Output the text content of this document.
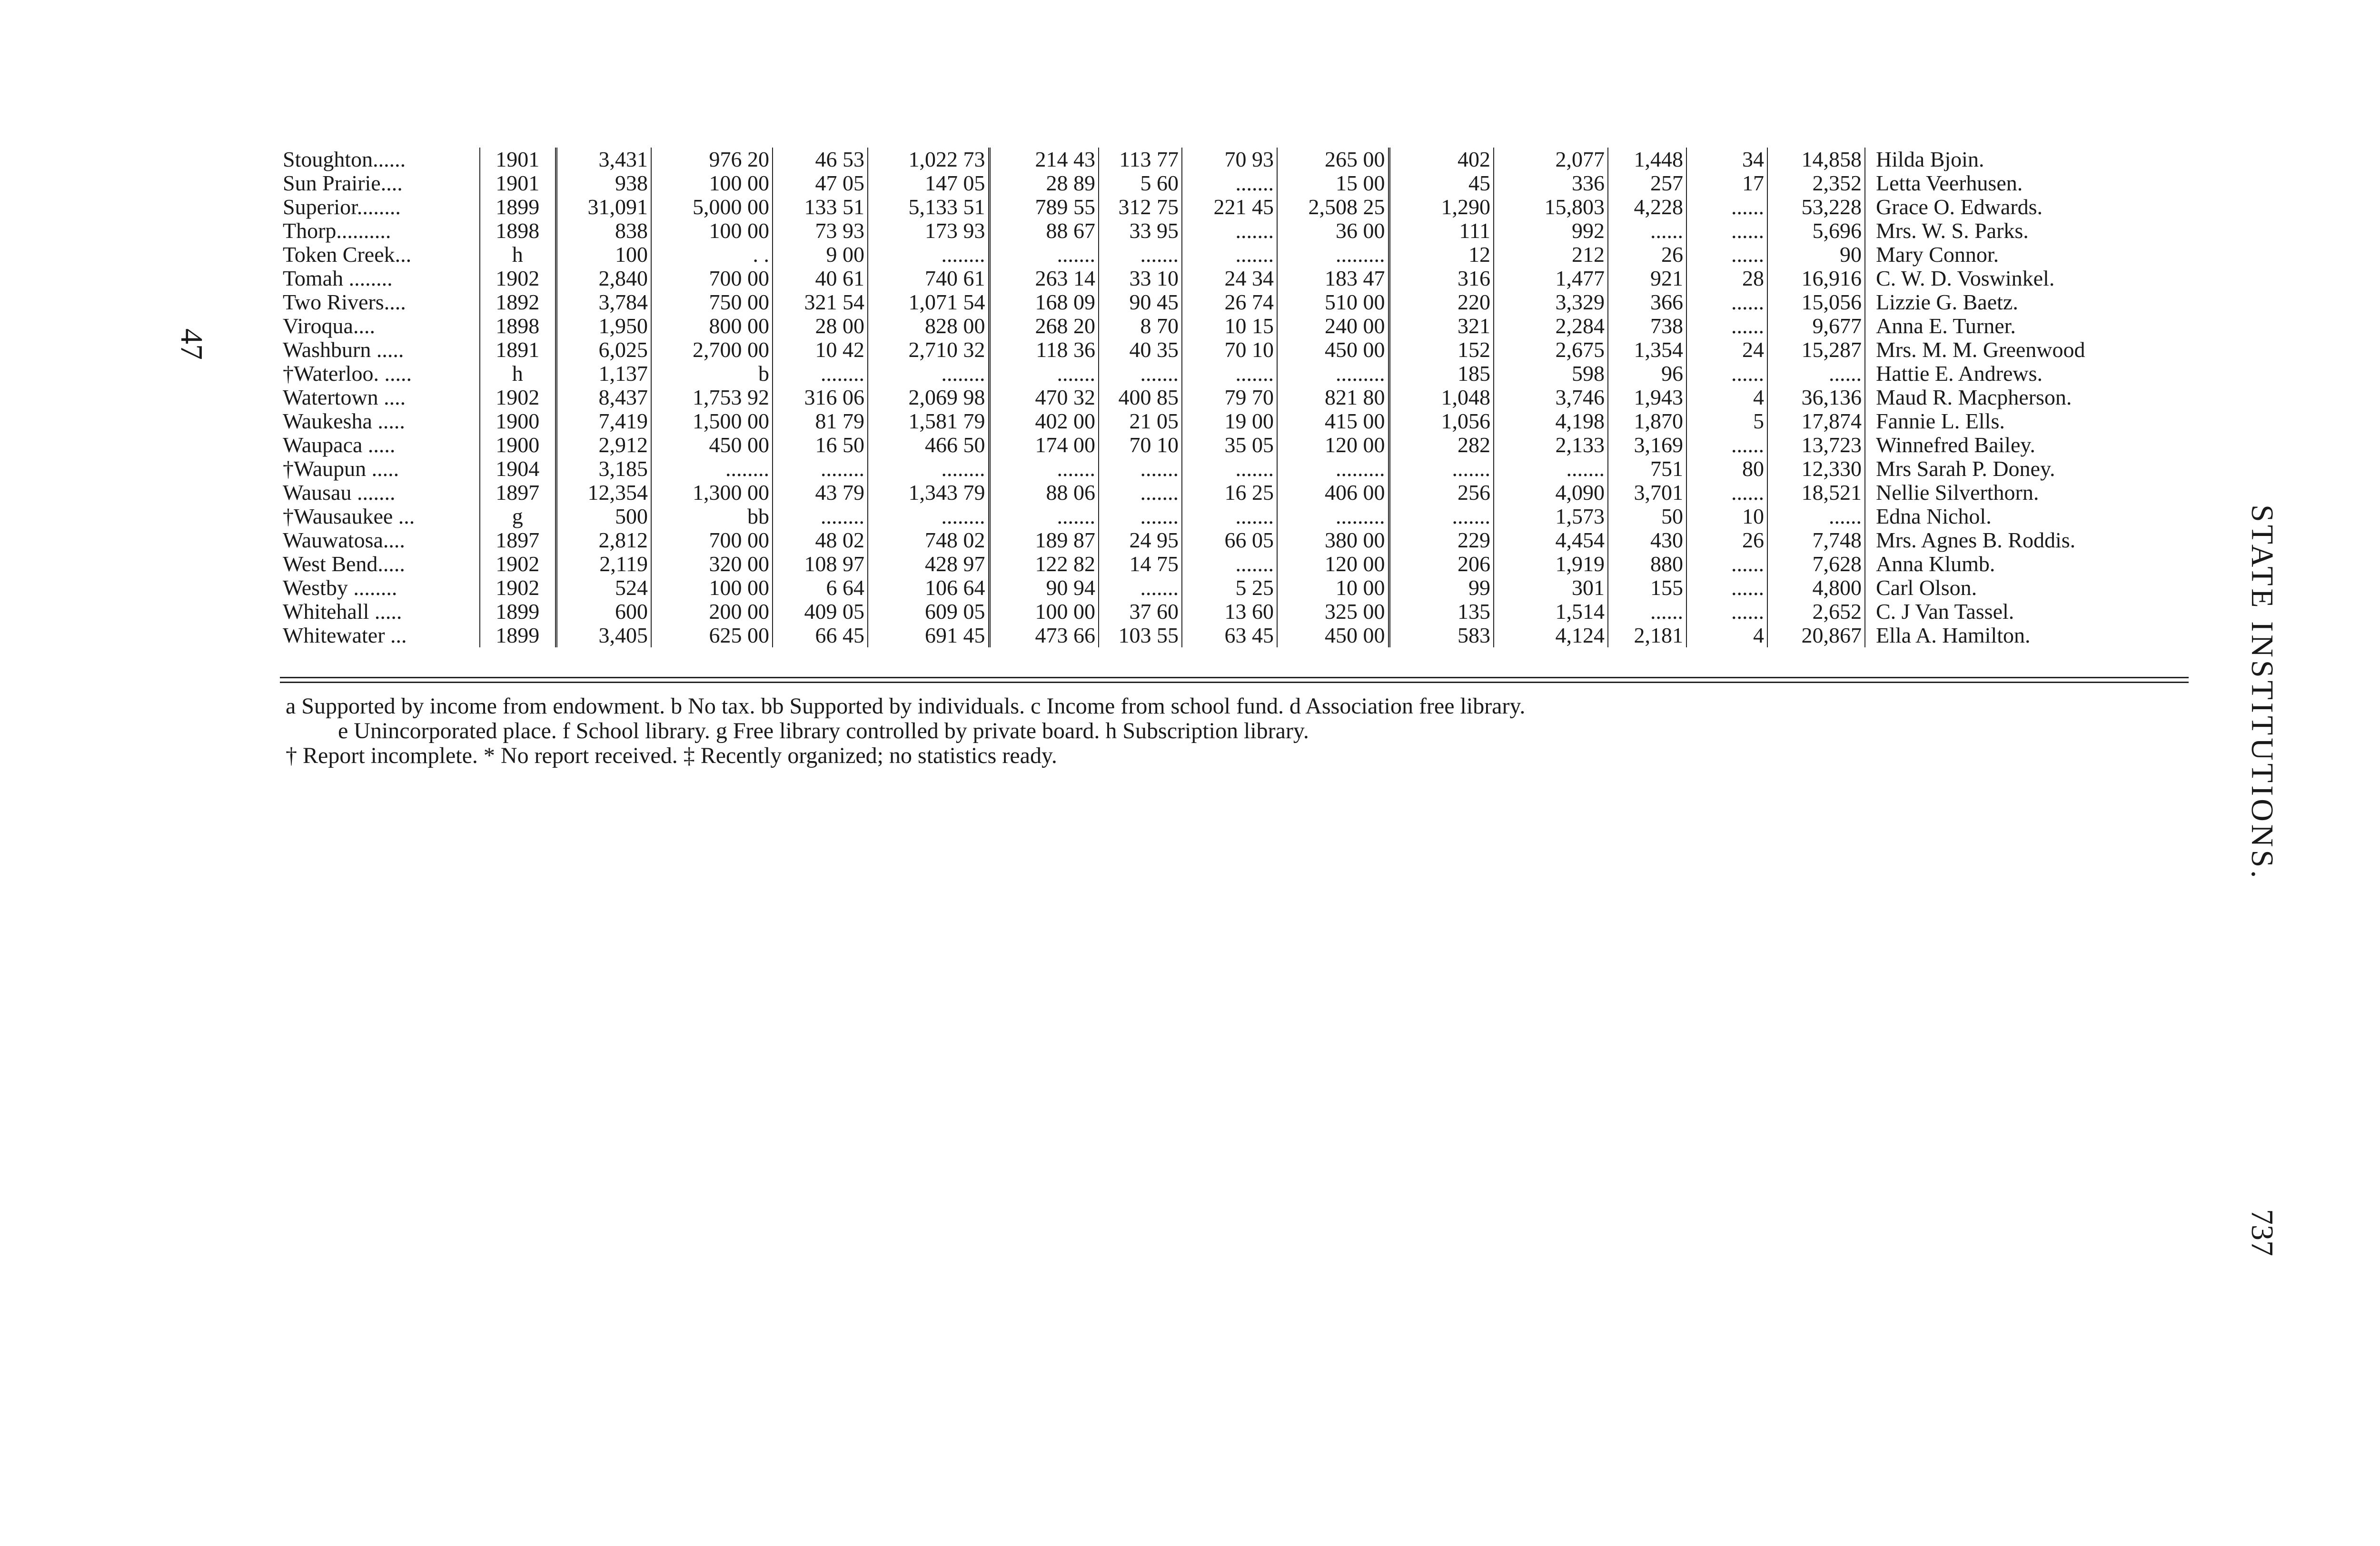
47
STATE INSTITUTIONS.
737
Stoughton......	1901	3,431	976 20	46 53	1,022 73	214 43	113 77	70 93	265 00	402	2,077	1,448	34	14,858	Hilda Bjoin.
Sun Prairie....	1901	938	100 00	47 05	147 05	28 89	5 60	.......	15 00	45	336	257	17	2,352	Letta Veerhusen.
Superior........	1899	31,091	5,000 00	133 51	5,133 51	789 55	312 75	221 45	2,508 25	1,290	15,803	4,228	......	53,228	Grace O. Edwards.
Thorp..........	1898	838	100 00	73 93	173 93	88 67	33 95	.......	36 00	111	992	......	......	5,696	Mrs. W. S. Parks.
Token Creek...	h	100	. .	9 00	........	.......	.......	.......	.........	12	212	26	......	90	Mary Connor.
Tomah ........	1902	2,840	700 00	40 61	740 61	263 14	33 10	24 34	183 47	316	1,477	921	28	16,916	C. W. D. Voswinkel.
Two Rivers....	1892	3,784	750 00	321 54	1,071 54	168 09	90 45	26 74	510 00	220	3,329	366	......	15,056	Lizzie G. Baetz.
Viroqua....	1898	1,950	800 00	28 00	828 00	268 20	8 70	10 15	240 00	321	2,284	738	......	9,677	Anna E. Turner.
Washburn .....	1891	6,025	2,700 00	10 42	2,710 32	118 36	40 35	70 10	450 00	152	2,675	1,354	24	15,287	Mrs. M. M. Greenwood
†Waterloo. .....	h	1,137	b	........	........	.......	.......	.......	.........	185	598	96	......	......	Hattie E. Andrews.
Watertown ....	1902	8,437	1,753 92	316 06	2,069 98	470 32	400 85	79 70	821 80	1,048	3,746	1,943	4	36,136	Maud R. Macpherson.
Waukesha .....	1900	7,419	1,500 00	81 79	1,581 79	402 00	21 05	19 00	415 00	1,056	4,198	1,870	5	17,874	Fannie L. Ells.
Waupaca .....	1900	2,912	450 00	16 50	466 50	174 00	70 10	35 05	120 00	282	2,133	3,169	......	13,723	Winnefred Bailey.
†Waupun .....	1904	3,185	........	........	........	.......	.......	.......	.........	.......	.......	751	80	12,330	Mrs Sarah P. Doney.
Wausau .......	1897	12,354	1,300 00	43 79	1,343 79	88 06	.......	16 25	406 00	256	4,090	3,701	......	18,521	Nellie Silverthorn.
†Wausaukee ...	g	500	bb	........	........	.......	.......	.......	.........	.......	1,573	50	10	......	Edna Nichol.
Wauwatosa....	1897	2,812	700 00	48 02	748 02	189 87	24 95	66 05	380 00	229	4,454	430	26	7,748	Mrs. Agnes B. Roddis.
West Bend.....	1902	2,119	320 00	108 97	428 97	122 82	14 75	.......	120 00	206	1,919	880	......	7,628	Anna Klumb.
Westby ........	1902	524	100 00	6 64	106 64	90 94	.......	5 25	10 00	99	301	155	......	4,800	Carl Olson.
Whitehall .....	1899	600	200 00	409 05	609 05	100 00	37 60	13 60	325 00	135	1,514	......	......	2,652	C. J Van Tassel.
Whitewater ...	1899	3,405	625 00	66 45	691 45	473 66	103 55	63 45	450 00	583	4,124	2,181	4	20,867	Ella A. Hamilton.
a Supported by income from endowment. b No tax. bb Supported by individuals. c Income from school fund. d Association free library.
e Unincorporated place. f School library. g Free library controlled by private board. h Subscription library.
† Report incomplete. * No report received. ‡ Recently organized; no statistics ready.
